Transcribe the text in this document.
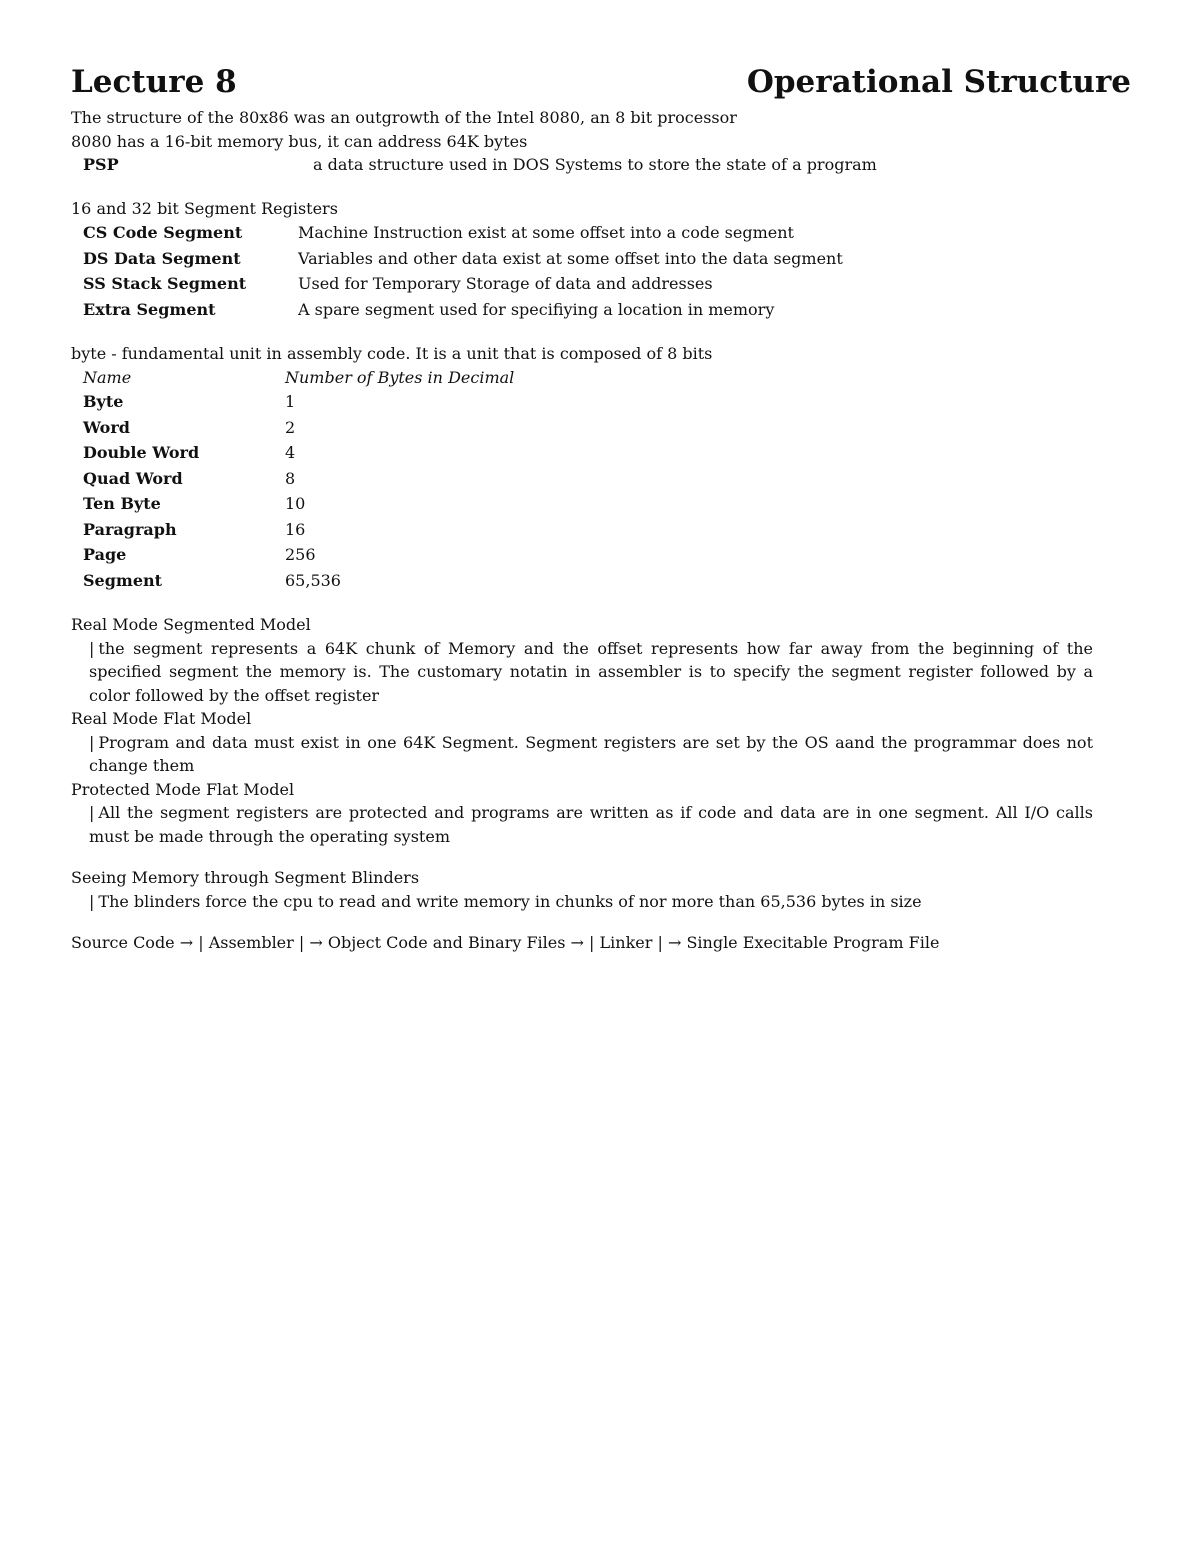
Lecture 8	Operational Structure
The structure of the 80x86 was an outgrowth of the Intel 8080, an 8 bit processor
8080 has a 16-bit memory bus, it can address 64K bytes
PSP	a data structure used in DOS Systems to store the state of a program
16 and 32 bit Segment Registers
CS Code Segment	Machine Instruction exist at some offset into a code segment
DS Data Segment	Variables and other data exist at some offset into the data segment
SS Stack Segment	Used for Temporary Storage of data and addresses
Extra Segment	A spare segment used for specifiying a location in memory
byte - fundamental unit in assembly code. It is a unit that is composed of 8 bits
Name	Number of Bytes in Decimal
Byte	1
Word	2
Double Word	4
Quad Word	8
Ten Byte	10
Paragraph	16
Page	256
Segment	65,536
Real Mode Segmented Model
| the segment represents a 64K chunk of Memory and the offset represents how far away from the beginning of the specified segment the memory is. The customary notatin in assembler is to specify the segment register followed by a color followed by the offset register
Real Mode Flat Model
| Program and data must exist in one 64K Segment. Segment registers are set by the OS aand the programmar does not change them
Protected Mode Flat Model
| All the segment registers are protected and programs are written as if code and data are in one segment. All I/O calls must be made through the operating system
Seeing Memory through Segment Blinders
| The blinders force the cpu to read and write memory in chunks of nor more than 65,536 bytes in size
Source Code → | Assembler | → Object Code and Binary Files → | Linker | → Single Execitable Program File
